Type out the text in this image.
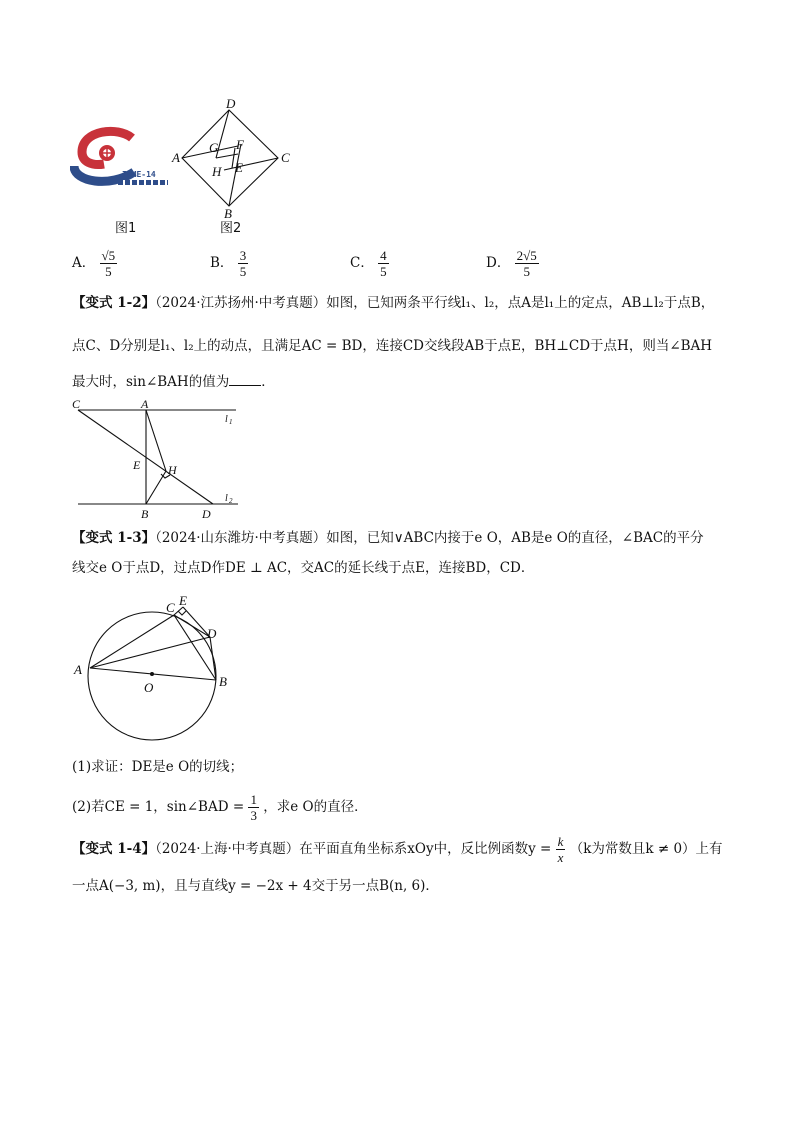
ICME-14
图1
D
A	C
B
G F
H E
图2
A． $\frac{√5}{5}$	B． $\frac{3}{5}$	C． $\frac{4}{5}$	D． $\frac{2√5}{5}$
【变式 1-2】（2024·江苏扬州·中考真题）如图，已知两条平行线l₁、l₂，点A是l₁上的定点，AB⊥l₂于点B，
点C、D分别是l₁、l₂上的动点，且满足AC = BD，连接CD交线段AB于点E，BH⊥CD于点H，则当∠BAH
最大时，sin∠BAH的值为 ．
C	A
E H
B	D
l 1
l 2
【变式 1-3】（2024·山东潍坊·中考真题）如图，已知∨ABC内接于e O，AB是e O的直径，∠BAC的平分
线交e O于点D，过点D作DE ⊥ AC，交AC的延长线于点E，连接BD，CD．
C E
D
A
O	B
(1)求证：DE是e O的切线；
(2)若CE = 1，sin∠BAD = $\frac{1}{3}$ ，求e O的直径．
【变式 1-4】（2024·上海·中考真题）在平面直角坐标系xOy中，反比例函数$y = \frac{k}{x} (k$为常数且k ≠ 0）上有
一点A(−3, m)，且与直线y = −2x + 4交于另一点B(n, 6)．
